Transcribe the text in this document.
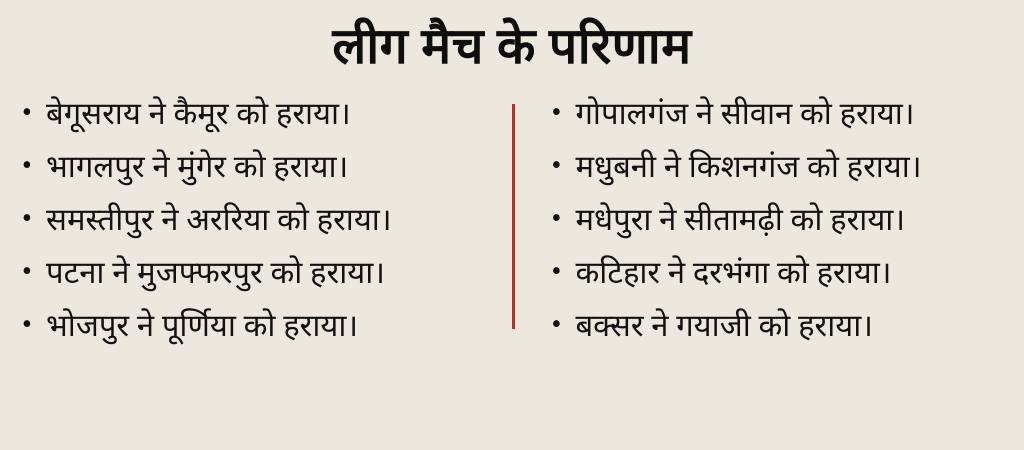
लीग मैच के परिणाम
• बेगूसराय ने कैमूर को हराया।
• भागलपुर ने मुंगेर को हराया।
• समस्तीपुर ने अररिया को हराया।
• पटना ने मुजफ्फरपुर को हराया।
• भोजपुर ने पूर्णिया को हराया।
• गोपालगंज ने सीवान को हराया।
• मधुबनी ने किशनगंज को हराया।
• मधेपुरा ने सीतामढ़ी को हराया।
• कटिहार ने दरभंगा को हराया।
• बक्सर ने गयाजी को हराया।
